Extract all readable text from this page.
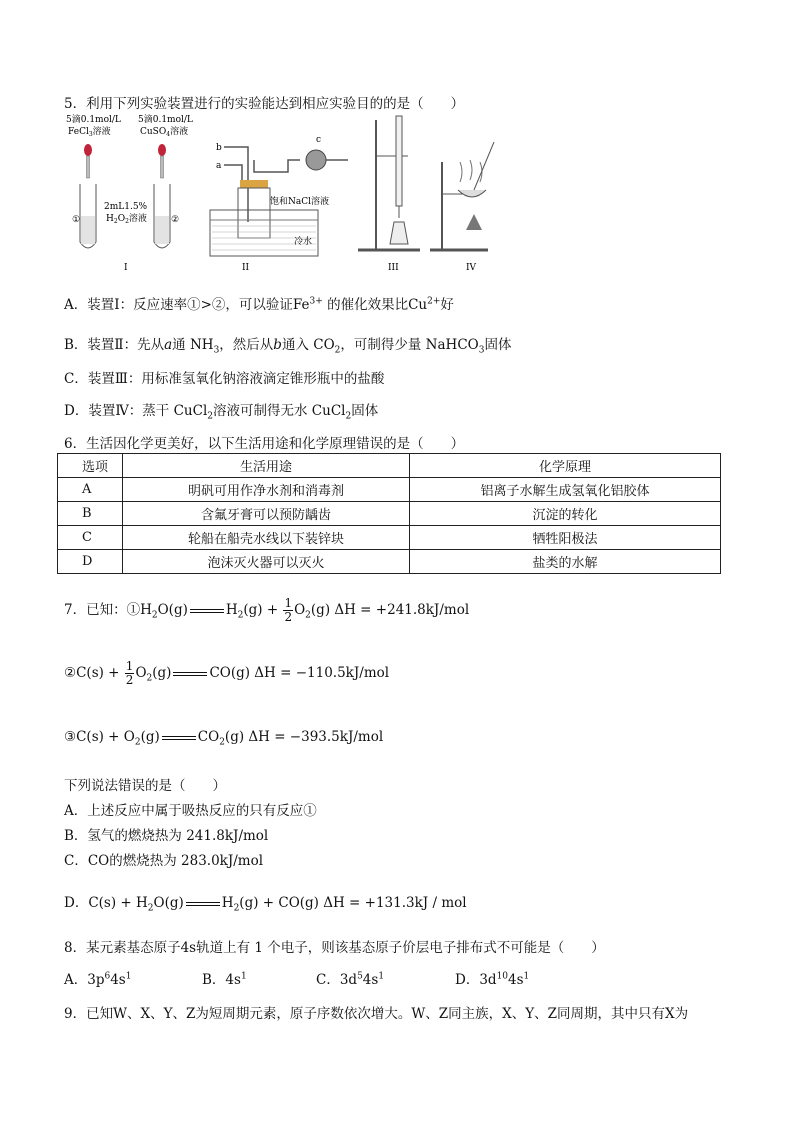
5．利用下列实验装置进行的实验能达到相应实验目的的是（　　）
5滴0.1mol/L
FeCl$_3$溶液
5滴0.1mol/L
CuSO$_4$溶液
2mL1.5%
$H_2O_2$溶液
①	②
I
b
a
c
饱和NaCl溶液
冷水
II	III	IV
A．装置Ⅰ：反应速率①>②，可以验证$Fe^{3+}$ 的催化效果比$Cu^{2+}$好
B．装置Ⅱ：先从a通 $NH_3$，然后从b通入 $CO_2$，可制得少量 NaHCO$_3$固体
C．装置Ⅲ：用标准氢氧化钠溶液滴定锥形瓶中的盐酸
D．装置Ⅳ：蒸干 CuCl$_2$溶液可制得无水 CuCl$_2$固体
6．生活因化学更美好，以下生活用途和化学原理错误的是（　　）
选项	生活用途	化学原理
A	明矾可用作净水剂和消毒剂	铝离子水解生成氢氧化铝胶体
B	含氟牙膏可以预防龋齿	沉淀的转化
C	轮船在船壳水线以下装锌块	牺牲阳极法
D	泡沫灭火器可以灭火	盐类的水解
7．已知：$①H_2O(g)$	$H_2(g) + \frac{1}{2} O_2(g) \Delta H = +241.8kJ/mol$
②C(s) + $\frac{1}{2} O_2(g)$	CO(g) ΔH = −110.5kJ/mol
③C(s) + $O_2(g)$	$CO_2(g) \Delta H = -393.5kJ/mol$
下列说法错误的是（　　）
A．上述反应中属于吸热反应的只有反应①
B．氢气的燃烧热为 241.8kJ/mol
C．CO的燃烧热为 283.0kJ/mol
D．$C(s) + H_2O(g)$	$H_2(g) + CO(g) \Delta H = +131.3kJ$ / mol
8．某元素基态原子4s轨道上有 1 个电子，则该基态原子价层电子排布式不可能是（　　）
A．$3p^64s^1$	B．$4s^1$	C．$3d^54s^1$	D．$3d^{10}4s^1$
9．已知W、X、Y、Z为短周期元素，原子序数依次增大。W、Z同主族，X、Y、Z同周期，其中只有X为
